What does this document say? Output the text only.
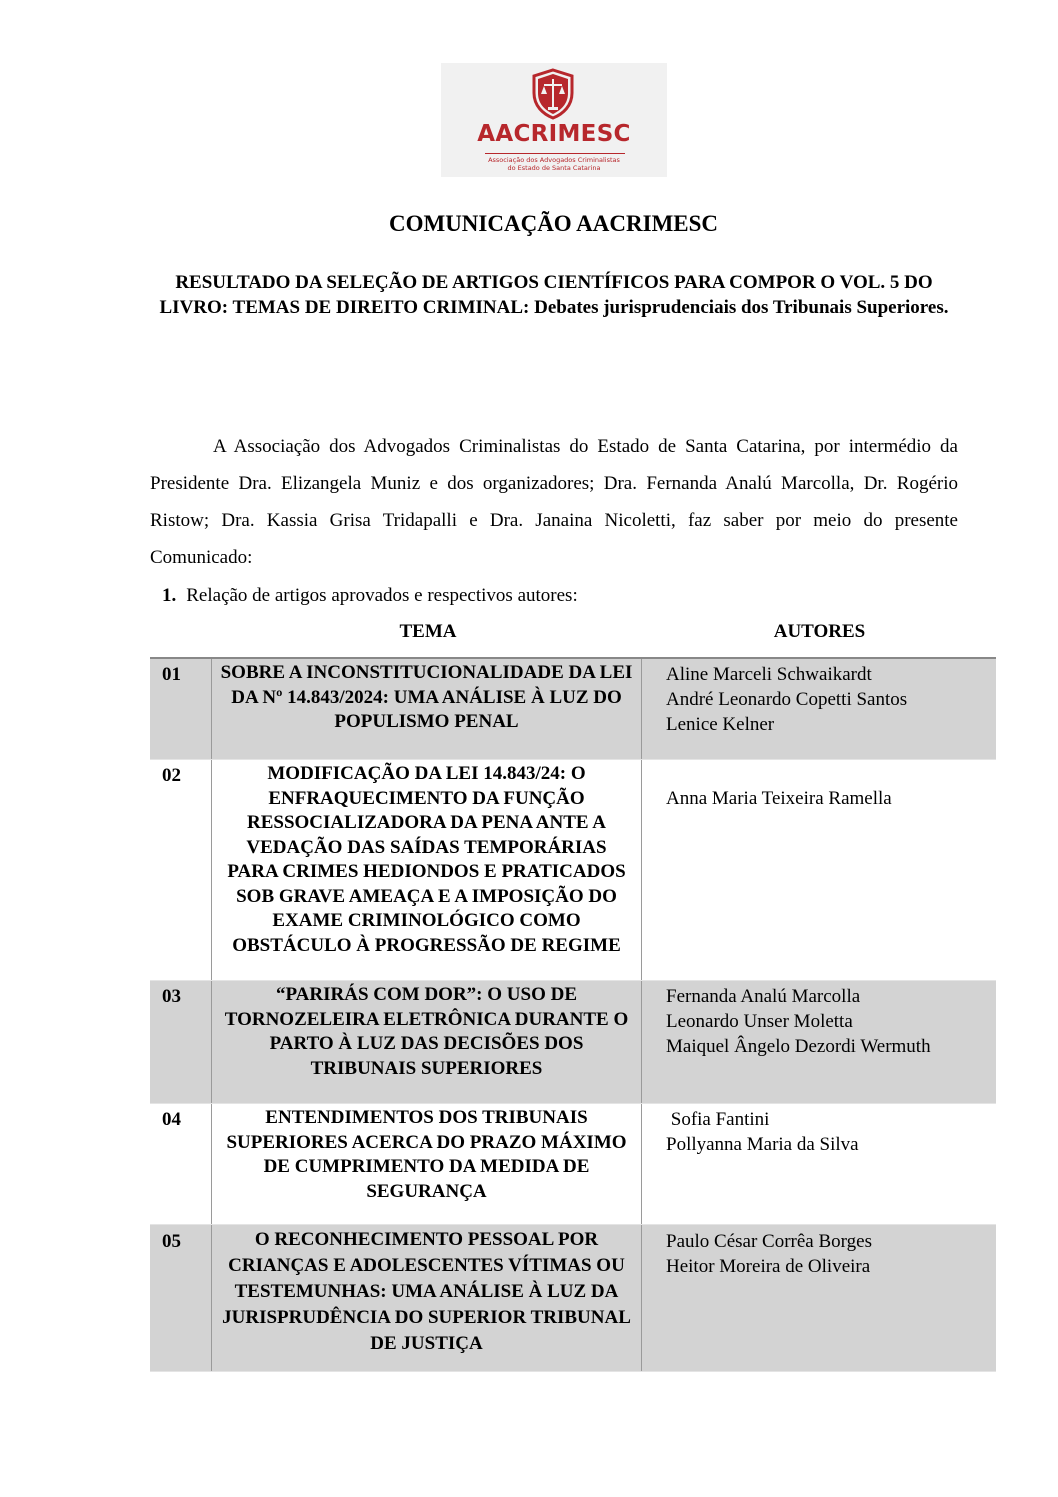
AACRIMESC
Associação dos Advogados Criminalistas
do Estado de Santa Catarina
COMUNICAÇÃO AACRIMESC
RESULTADO DA SELEÇÃO DE ARTIGOS CIENTÍFICOS PARA COMPOR O VOL. 5 DO LIVRO: TEMAS DE DIREITO CRIMINAL: Debates jurisprudenciais dos Tribunais Superiores.
A Associação dos Advogados Criminalistas do Estado de Santa Catarina, por intermédio da Presidente Dra. Elizangela Muniz e dos organizadores; Dra. Fernanda Analú Marcolla, Dr. Rogério Ristow; Dra. Kassia Grisa Tridapalli e Dra. Janaina Nicoletti, faz saber por meio do presente Comunicado:
1. Relação de artigos aprovados e respectivos autores:
TEMA	AUTORES
01	SOBRE A INCONSTITUCIONALIDADE DA LEI DA Nº 14.843/2024: UMA ANÁLISE À LUZ DO POPULISMO PENAL
Aline Marceli Schwaikardt
André Leonardo Copetti Santos
Lenice Kelner
02	MODIFICAÇÃO DA LEI 14.843/24: O ENFRAQUECIMENTO DA FUNÇÃO RESSOCIALIZADORA DA PENA ANTE A VEDAÇÃO DAS SAÍDAS TEMPORÁRIAS PARA CRIMES HEDIONDOS E PRATICADOS SOB GRAVE AMEAÇA E A IMPOSIÇÃO DO EXAME CRIMINOLÓGICO COMO OBSTÁCULO À PROGRESSÃO DE REGIME
Anna Maria Teixeira Ramella
03	“PARIRÁS COM DOR”: O USO DE TORNOZELEIRA ELETRÔNICA DURANTE O PARTO À LUZ DAS DECISÕES DOS TRIBUNAIS SUPERIORES
Fernanda Analú Marcolla
Leonardo Unser Moletta
Maiquel Ângelo Dezordi Wermuth
04	ENTENDIMENTOS DOS TRIBUNAIS SUPERIORES ACERCA DO PRAZO MÁXIMO DE CUMPRIMENTO DA MEDIDA DE SEGURANÇA
Sofia Fantini
Pollyanna Maria da Silva
05	O RECONHECIMENTO PESSOAL POR CRIANÇAS E ADOLESCENTES VÍTIMAS OU TESTEMUNHAS: UMA ANÁLISE À LUZ DA JURISPRUDÊNCIA DO SUPERIOR TRIBUNAL DE JUSTIÇA
Paulo César Corrêa Borges
Heitor Moreira de Oliveira
